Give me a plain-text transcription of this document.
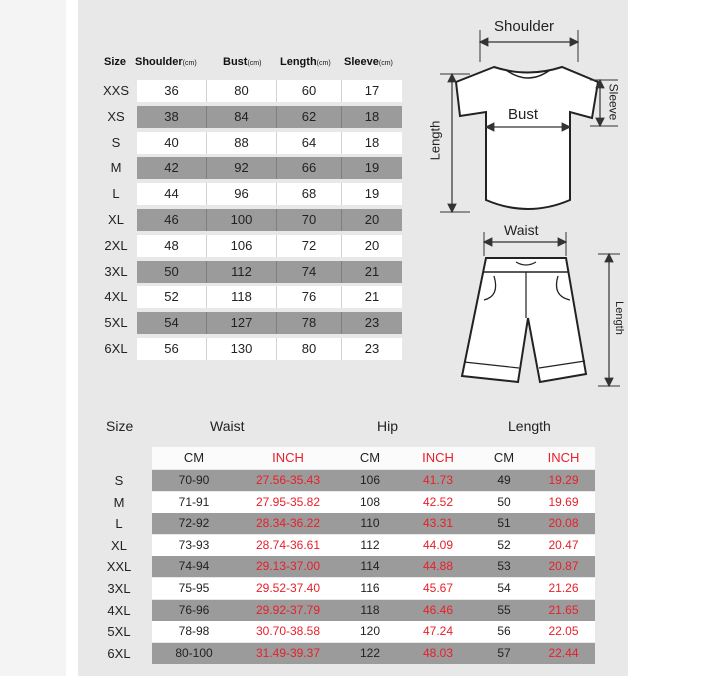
Size Shoulder(cm) Bust(cm) Length(cm) Sleeve(cm)
XXS	36	80	60	17
XS	38	84	62	18
S	40	88	64	18
M	42	92	66	19
L	44	96	68	19
XL	46	100	70	20
2XL	48	106	72	20
3XL	50	112	74	21
4XL	52	118	76	21
5XL	54	127	78	23
6XL	56	130	80	23
Shoulder
Bust
Length
Sleeve
Waist
Length
Size	Waist	Hip	Length
CM	INCH	CM	INCH	CM	INCH
S	70-90	27.56-35.43	106	41.73	49	19.29
M	71-91	27.95-35.82	108	42.52	50	19.69
L	72-92	28.34-36.22	110	43.31	51	20.08
XL	73-93	28.74-36.61	112	44.09	52	20.47
XXL	74-94	29.13-37.00	114	44.88	53	20.87
3XL	75-95	29.52-37.40	116	45.67	54	21.26
4XL	76-96	29.92-37.79	118	46.46	55	21.65
5XL	78-98	30.70-38.58	120	47.24	56	22.05
6XL	80-100	31.49-39.37	122	48.03	57	22.44
